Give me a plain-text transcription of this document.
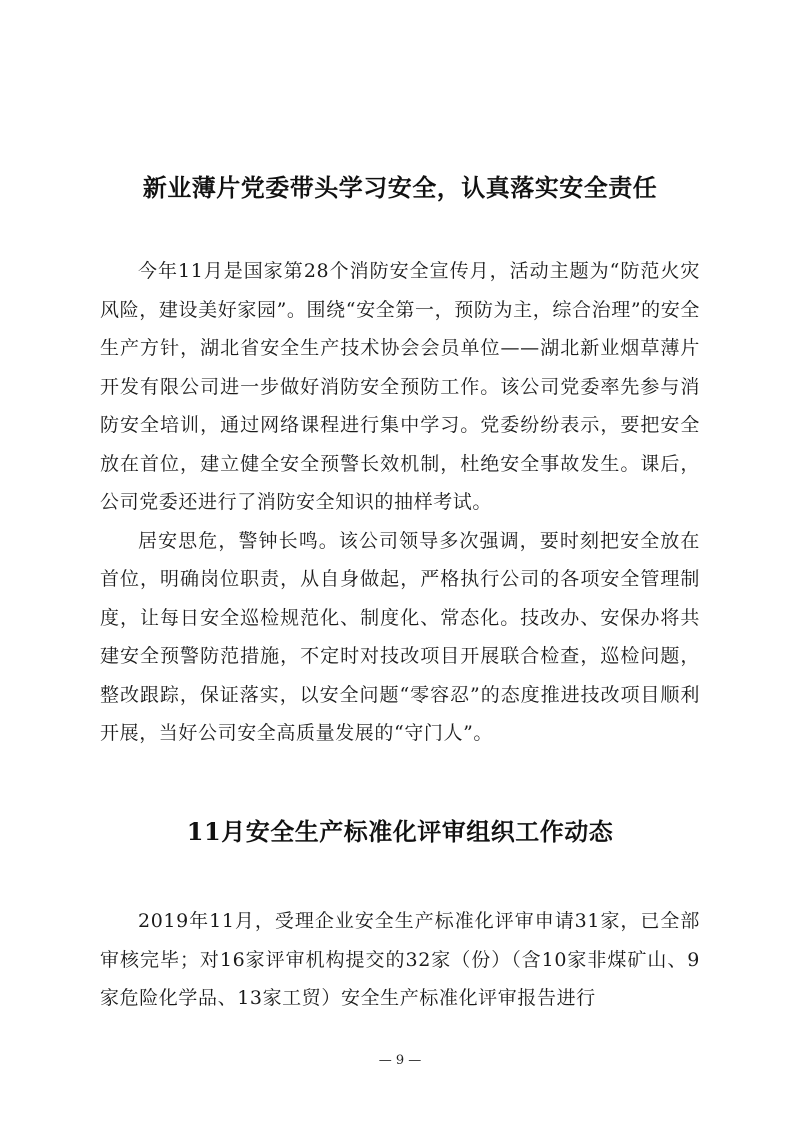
新业薄片党委带头学习安全，认真落实安全责任

今年11月是国家第28个消防安全宣传月，活动主题为“防范火灾风险，建设美好家园”。围绕“安全第一，预防为主，综合治理”的安全生产方针，湖北省安全生产技术协会会员单位——湖北新业烟草薄片开发有限公司进一步做好消防安全预防工作。该公司党委率先参与消防安全培训，通过网络课程进行集中学习。党委纷纷表示，要把安全放在首位，建立健全安全预警长效机制，杜绝安全事故发生。课后，公司党委还进行了消防安全知识的抽样考试。

居安思危，警钟长鸣。该公司领导多次强调，要时刻把安全放在首位，明确岗位职责，从自身做起，严格执行公司的各项安全管理制度，让每日安全巡检规范化、制度化、常态化。技改办、安保办将共建安全预警防范措施，不定时对技改项目开展联合检查，巡检问题，整改跟踪，保证落实，以安全问题“零容忍”的态度推进技改项目顺利开展，当好公司安全高质量发展的“守门人”。

11月安全生产标准化评审组织工作动态

2019年11月，受理企业安全生产标准化评审申请31家，已全部审核完毕；对16家评审机构提交的32家（份）（含10家非煤矿山、9家危险化学品、13家工贸）安全生产标准化评审报告进行

— 9 —
